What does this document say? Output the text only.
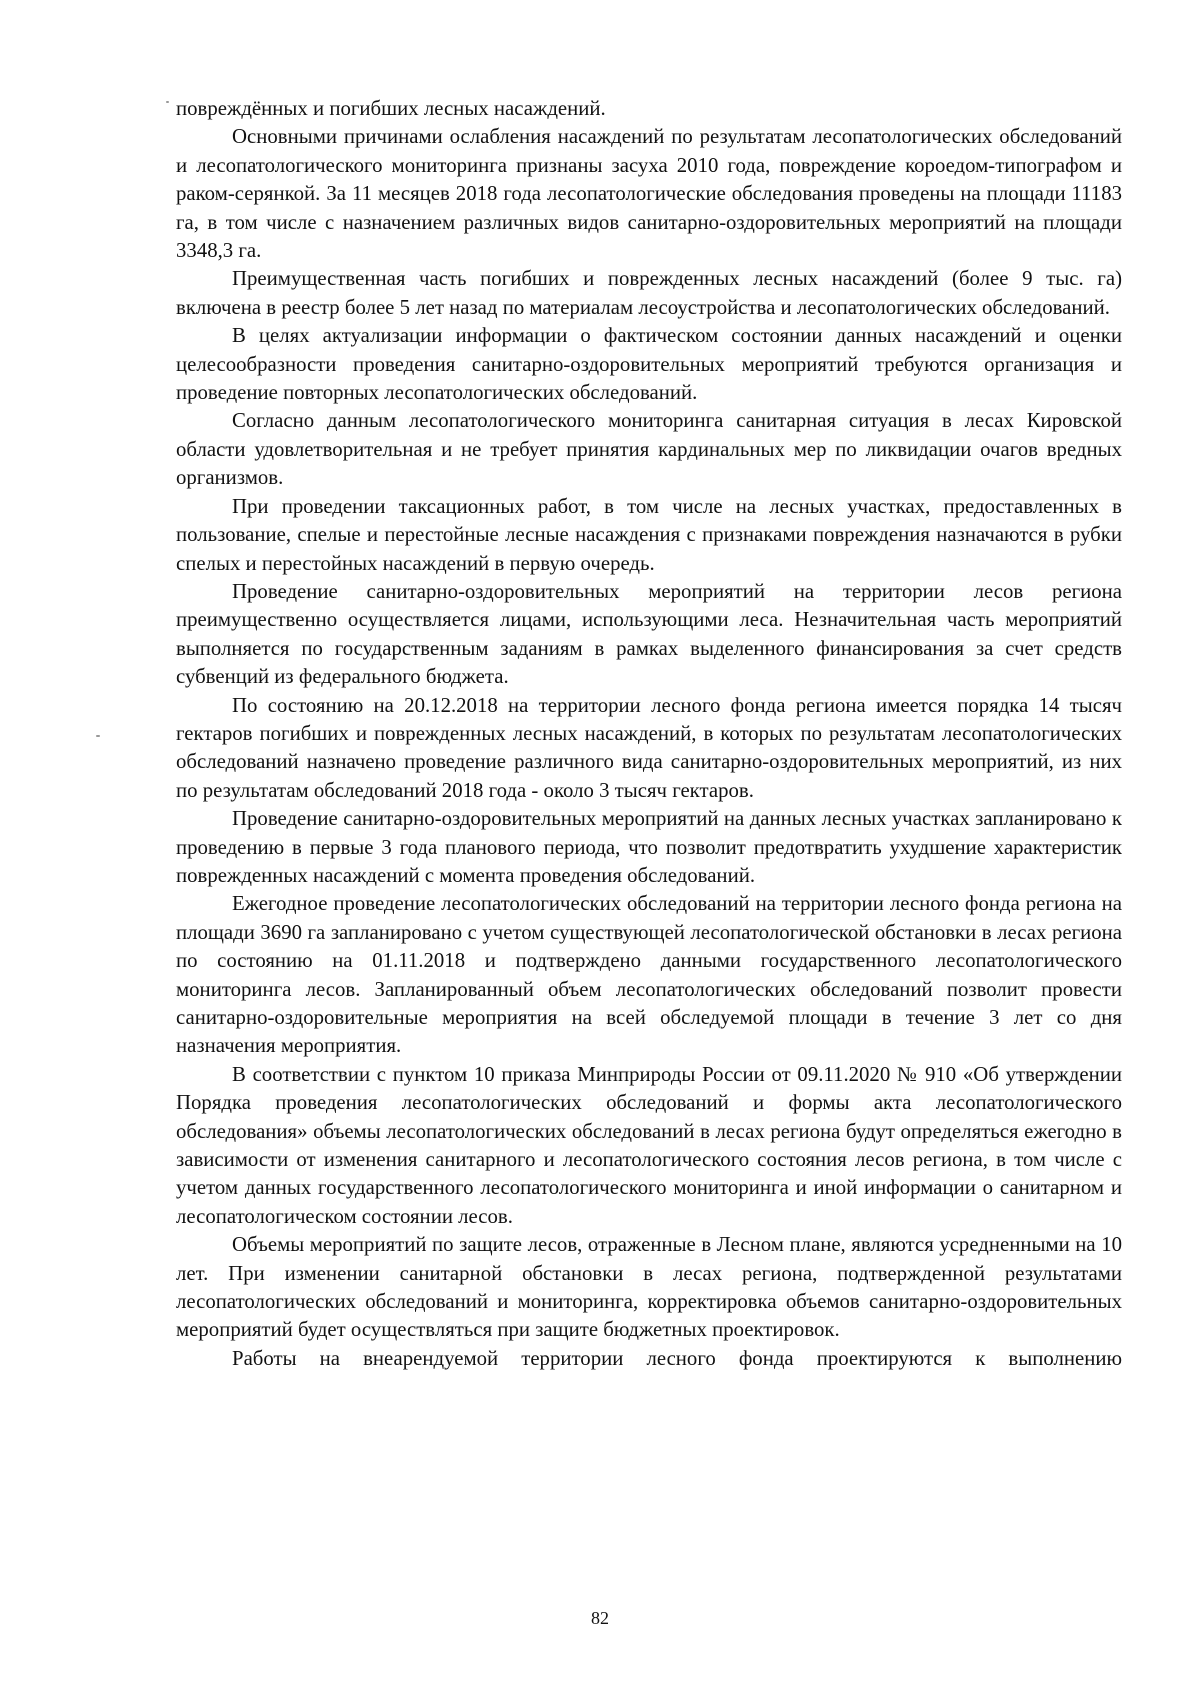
повреждённых и погибших лесных насаждений.

Основными причинами ослабления насаждений по результатам лесопатологических обследований и лесопатологического мониторинга признаны засуха 2010 года, повреждение короедом-типографом и раком-серянкой. За 11 месяцев 2018 года лесопатологические обследования проведены на площади 11183 га, в том числе с назначением различных видов санитарно-оздоровительных мероприятий на площади 3348,3 га.

Преимущественная часть погибших и поврежденных лесных насаждений (более 9 тыс. га) включена в реестр более 5 лет назад по материалам лесоустройства и лесопатологических обследований.

В целях актуализации информации о фактическом состоянии данных насаждений и оценки целесообразности проведения санитарно-оздоровительных мероприятий требуются организация и проведение повторных лесопатологических обследований.

Согласно данным лесопатологического мониторинга санитарная ситуация в лесах Кировской области удовлетворительная и не требует принятия кардинальных мер по ликвидации очагов вредных организмов.

При проведении таксационных работ, в том числе на лесных участках, предоставленных в пользование, спелые и перестойные лесные насаждения с признаками повреждения назначаются в рубки спелых и перестойных насаждений в первую очередь.

Проведение санитарно-оздоровительных мероприятий на территории лесов региона преимущественно осуществляется лицами, использующими леса. Незначительная часть мероприятий выполняется по государственным заданиям в рамках выделенного финансирования за счет средств субвенций из федерального бюджета.

По состоянию на 20.12.2018 на территории лесного фонда региона имеется порядка 14 тысяч гектаров погибших и поврежденных лесных насаждений, в которых по результатам лесопатологических обследований назначено проведение различного вида санитарно-оздоровительных мероприятий, из них по результатам обследований 2018 года - около 3 тысяч гектаров.

Проведение санитарно-оздоровительных мероприятий на данных лесных участках запланировано к проведению в первые 3 года планового периода, что позволит предотвратить ухудшение характеристик поврежденных насаждений с момента проведения обследований.

Ежегодное проведение лесопатологических обследований на территории лесного фонда региона на площади 3690 га запланировано с учетом существующей лесопатологической обстановки в лесах региона по состоянию на 01.11.2018 и подтверждено данными государственного лесопатологического мониторинга лесов. Запланированный объем лесопатологических обследований позволит провести санитарно-оздоровительные мероприятия на всей обследуемой площади в течение 3 лет со дня назначения мероприятия.

В соответствии с пунктом 10 приказа Минприроды России от 09.11.2020 № 910 «Об утверждении Порядка проведения лесопатологических обследований и формы акта лесопатологического обследования» объемы лесопатологических обследований в лесах региона будут определяться ежегодно в зависимости от изменения санитарного и лесопатологического состояния лесов региона, в том числе с учетом данных государственного лесопатологического мониторинга и иной информации о санитарном и лесопатологическом состоянии лесов.

Объемы мероприятий по защите лесов, отраженные в Лесном плане, являются усредненными на 10 лет. При изменении санитарной обстановки в лесах региона, подтвержденной результатами лесопатологических обследований и мониторинга, корректировка объемов санитарно-оздоровительных мероприятий будет осуществляться при защите бюджетных проектировок.

Работы на внеарендуемой территории лесного фонда проектируются к выполнению

82
